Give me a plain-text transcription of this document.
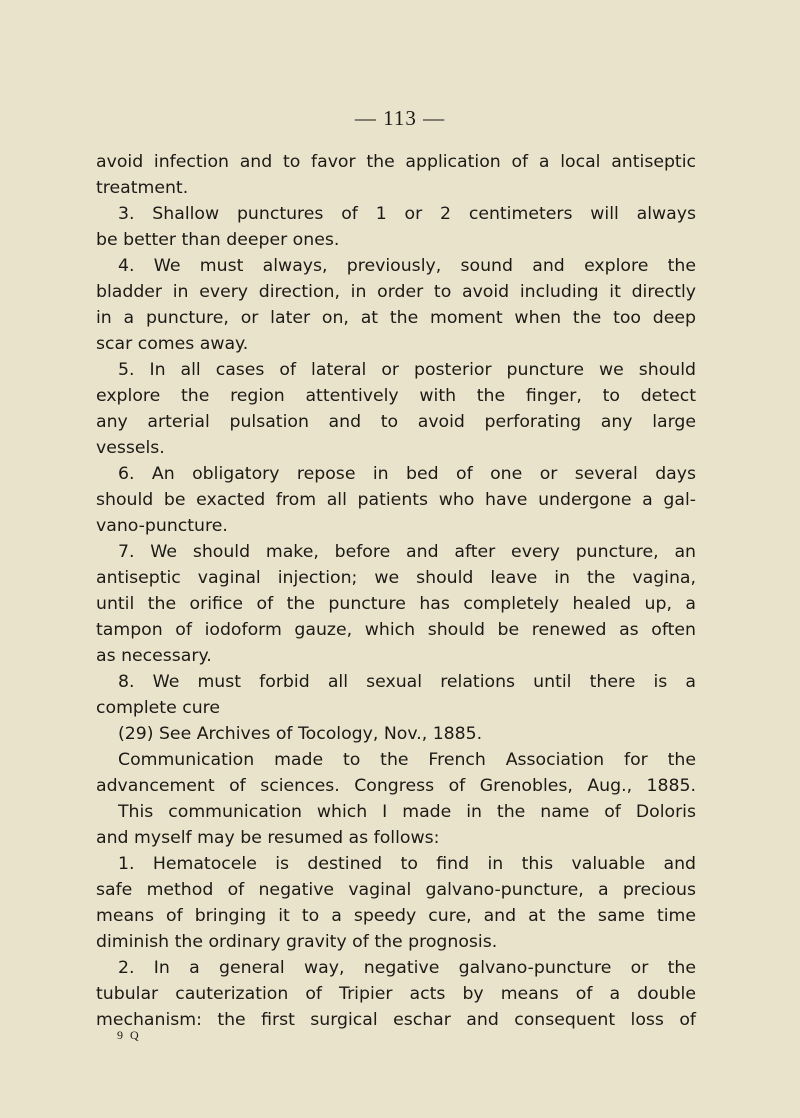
— 113 —
avoid infection and to favor the application of a local antiseptic
treatment.
3. Shallow punctures of 1 or 2 centimeters will always
be better than deeper ones.
4. We must always, previously, sound and explore the
bladder in every direction, in order to avoid including it directly
in a puncture, or later on, at the moment when the too deep
scar comes away.
5. In all cases of lateral or posterior puncture we should
explore the region attentively with the finger, to detect
any arterial pulsation and to avoid perforating any large
vessels.
6. An obligatory repose in bed of one or several days
should be exacted from all patients who have undergone a gal-
vano-puncture.
7. We should make, before and after every puncture, an
antiseptic vaginal injection; we should leave in the vagina,
until the orifice of the puncture has completely healed up, a
tampon of iodoform gauze, which should be renewed as often
as necessary.
8. We must forbid all sexual relations until there is a
complete cure
(29) See Archives of Tocology, Nov., 1885.
Communication made to the French Association for the
advancement of sciences. Congress of Grenobles, Aug., 1885.
This communication which I made in the name of Doloris
and myself may be resumed as follows:
1. Hematocele is destined to find in this valuable and
safe method of negative vaginal galvano-puncture, a precious
means of bringing it to a speedy cure, and at the same time
diminish the ordinary gravity of the prognosis.
2. In a general way, negative galvano-puncture or the
tubular cauterization of Tripier acts by means of a double
mechanism: the first surgical eschar and consequent loss of
9 Q
